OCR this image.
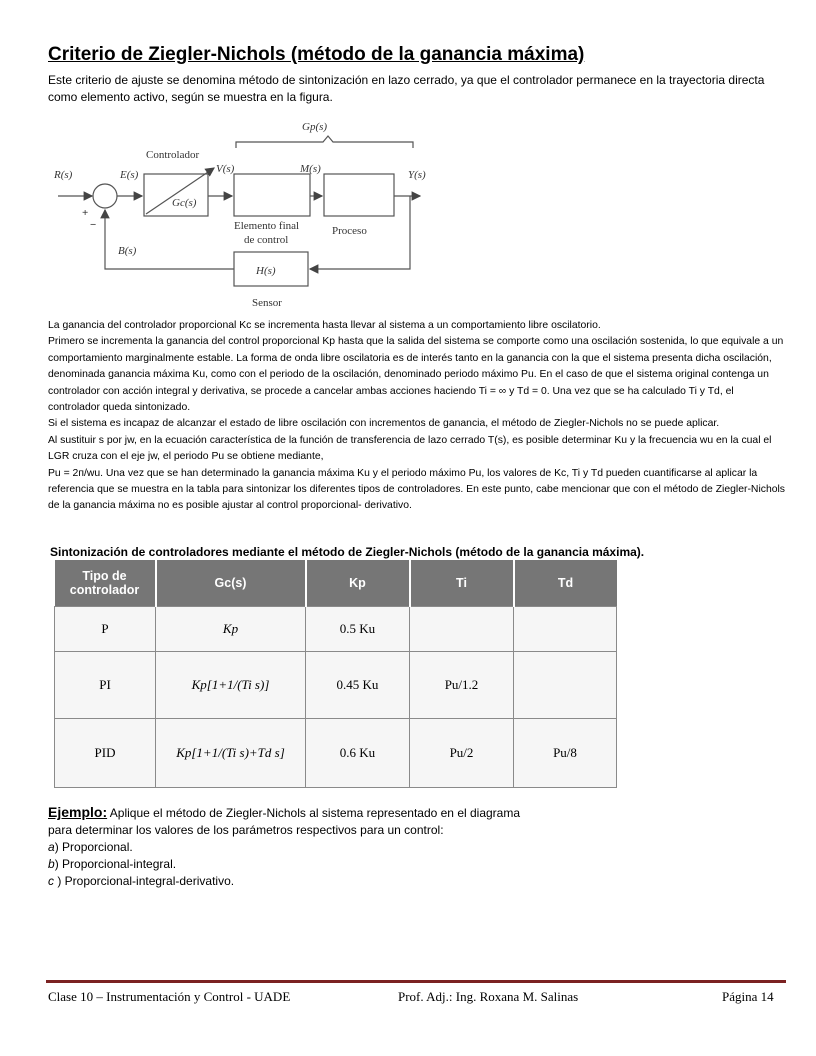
Criterio de Ziegler-Nichols (método de la ganancia máxima)
Este criterio de ajuste se denomina método de sintonización en lazo cerrado, ya que el controlador permanece en la trayectoria directa como elemento activo, según se muestra en la figura.
Gp(s)
R(s)	E(s)	V(s)	M(s)	Y(s)
Gc(s)
B(s)
H(s)
Controlador
+
−	Elemento final
de control
Proceso
Sensor

La ganancia del controlador proporcional Kc se incrementa hasta llevar al sistema a un comportamiento libre oscilatorio.

Primero se incrementa la ganancia del control proporcional Kp hasta que la salida del sistema se comporte como una oscilación sostenida, lo que equivale a un comportamiento marginalmente estable. La forma de onda libre oscilatoria es de interés tanto en la ganancia con la que el sistema presenta dicha oscilación, denominada ganancia máxima Ku, como con el periodo de la oscilación, denominado periodo máximo Pu. En el caso de que el sistema original contenga un controlador con acción integral y derivativa, se procede a cancelar ambas acciones haciendo Ti = ∞ y Td = 0. Una vez que se ha calculado Ti y Td, el controlador queda sintonizado.

Si el sistema es incapaz de alcanzar el estado de libre oscilación con incrementos de ganancia, el método de Ziegler-Nichols no se puede aplicar.

Al sustituir s por jw, en la ecuación característica de la función de transferencia de lazo cerrado T(s), es posible determinar Ku y la frecuencia wu en la cual el LGR cruza con el eje jw, el periodo Pu se obtiene mediante,

Pu = 2п/wu. Una vez que se han determinado la ganancia máxima Ku y el periodo máximo Pu, los valores de Kc, Ti y Td pueden cuantificarse al aplicar la referencia que se muestra en la tabla para sintonizar los diferentes tipos de controladores. En este punto, cabe mencionar que con el método de Ziegler-Nichols de la ganancia máxima no es posible ajustar al control proporcional- derivativo.

Sintonización de controladores mediante el método de Ziegler-Nichols (método de la ganancia máxima).
Tipo de controlador	Gc(s)	Kp	Ti	Td
P	Kp	0.5 Ku		
PI	Kp[1+1/(Ti s)]	0.45 Ku	Pu/1.2	
PID	Kp[1+1/(Ti s)+Td s]	0.6 Ku	Pu/2	Pu/8
Ejemplo: Aplique el método de Ziegler-Nichols al sistema representado en el diagrama
para determinar los valores de los parámetros respectivos para un control:
a) Proporcional.
b) Proporcional-integral.
c ) Proporcional-integral-derivativo.
Clase 10 – Instrumentación y Control - UADE	Prof. Adj.: Ing. Roxana M. Salinas	Página 14
